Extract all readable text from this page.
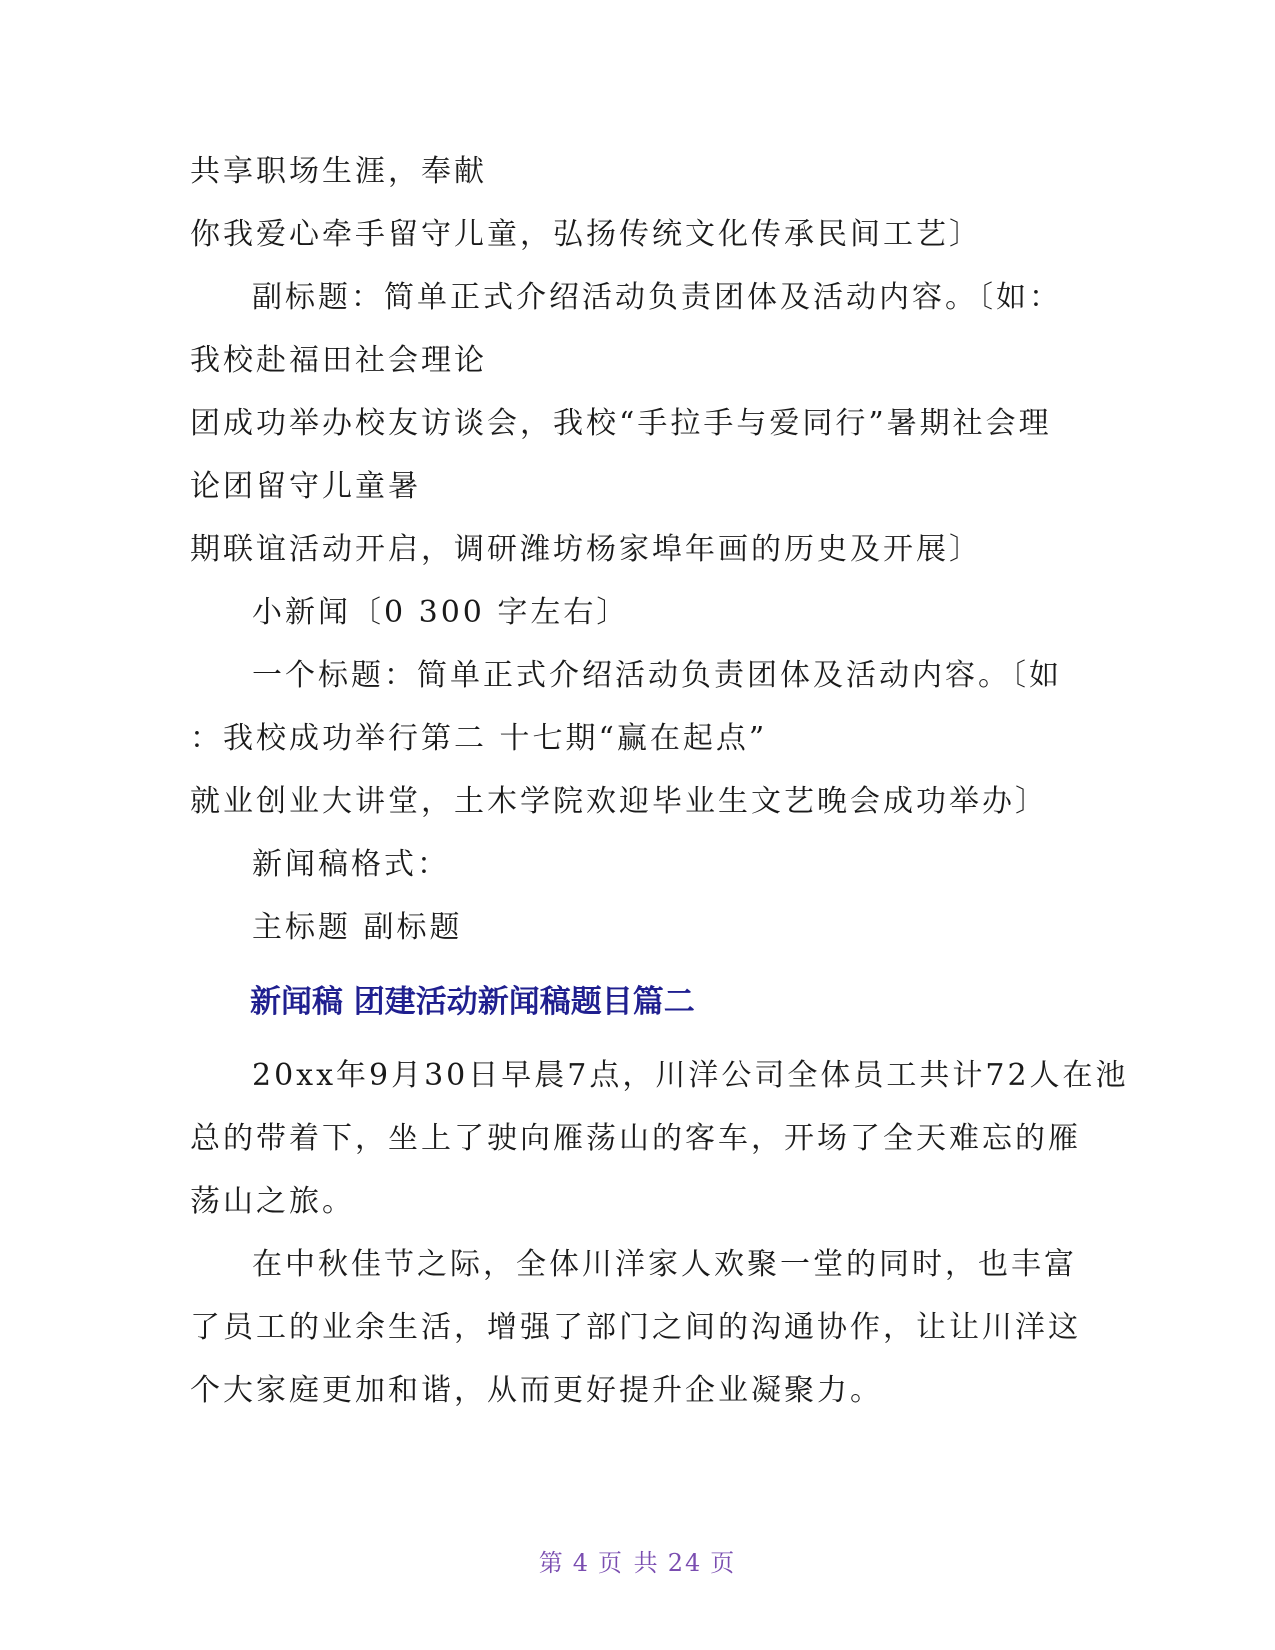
共享职场生涯，奉献
你我爱心牵手留守儿童，弘扬传统文化传承民间工艺〕
副标题：简单正式介绍活动负责团体及活动内容。〔如：
我校赴福田社会理论
团成功举办校友访谈会，我校“手拉手与爱同行”暑期社会理
论团留守儿童暑
期联谊活动开启，调研潍坊杨家埠年画的历史及开展〕
小新闻〔0 300 字左右〕
一个标题：简单正式介绍活动负责团体及活动内容。〔如
：我校成功举行第二 十七期“赢在起点”
就业创业大讲堂，土木学院欢迎毕业生文艺晚会成功举办〕
新闻稿格式：
主标题 副标题
新闻稿 团建活动新闻稿题目篇二
20xx年9月30日早晨7点，川洋公司全体员工共计72人在池
总的带着下，坐上了驶向雁荡山的客车，开场了全天难忘的雁
荡山之旅。
在中秋佳节之际，全体川洋家人欢聚一堂的同时，也丰富
了员工的业余生活，增强了部门之间的沟通协作，让让川洋这
个大家庭更加和谐，从而更好提升企业凝聚力。
第 4 页 共 24 页
